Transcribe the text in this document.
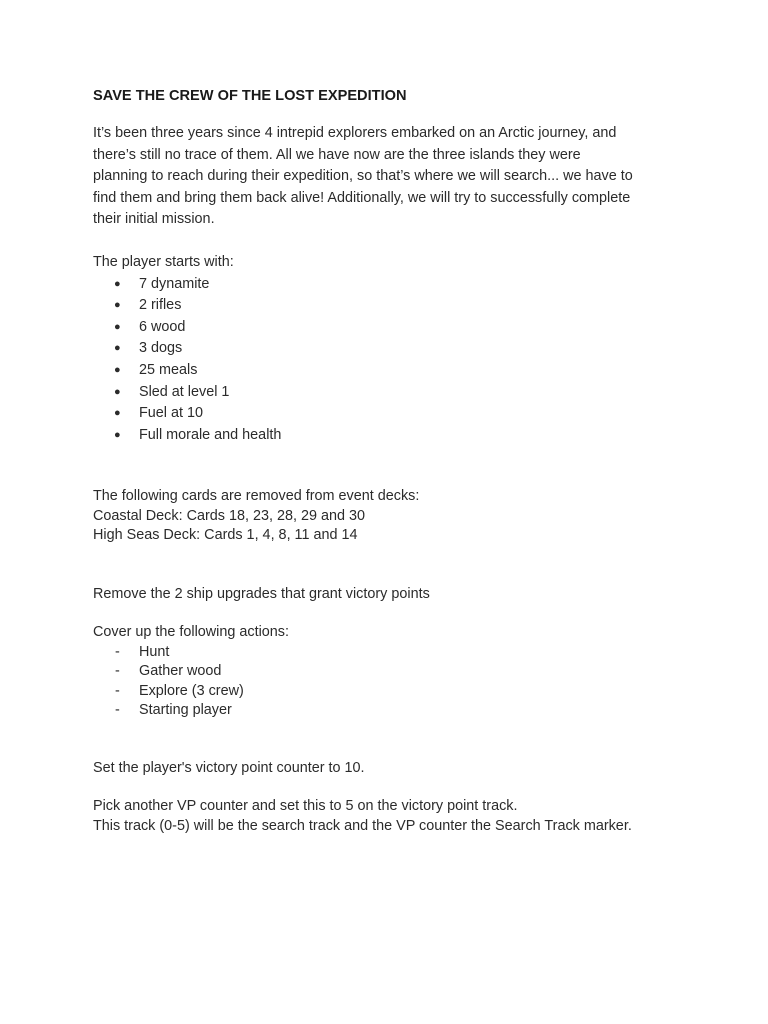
SAVE THE CREW OF THE LOST EXPEDITION

It’s been three years since 4 intrepid explorers embarked on an Arctic journey, and

there’s still no trace of them. All we have now are the three islands they were

planning to reach during their expedition, so that’s where we will search... we have to

find them and bring them back alive! Additionally, we will try to successfully complete

their initial mission.

The player starts with:

● 7 dynamite
● 2 rifles
● 6 wood
● 3 dogs
● 25 meals
● Sled at level 1
● Fuel at 10
● Full morale and health

The following cards are removed from event decks:

Coastal Deck: Cards 18, 23, 28, 29 and 30

High Seas Deck: Cards 1, 4, 8, 11 and 14

Remove the 2 ship upgrades that grant victory points

Cover up the following actions:

- Hunt
- Gather wood
- Explore (3 crew)
- Starting player

Set the player's victory point counter to 10.

Pick another VP counter and set this to 5 on the victory point track.

This track (0-5) will be the search track and the VP counter the Search Track marker.
